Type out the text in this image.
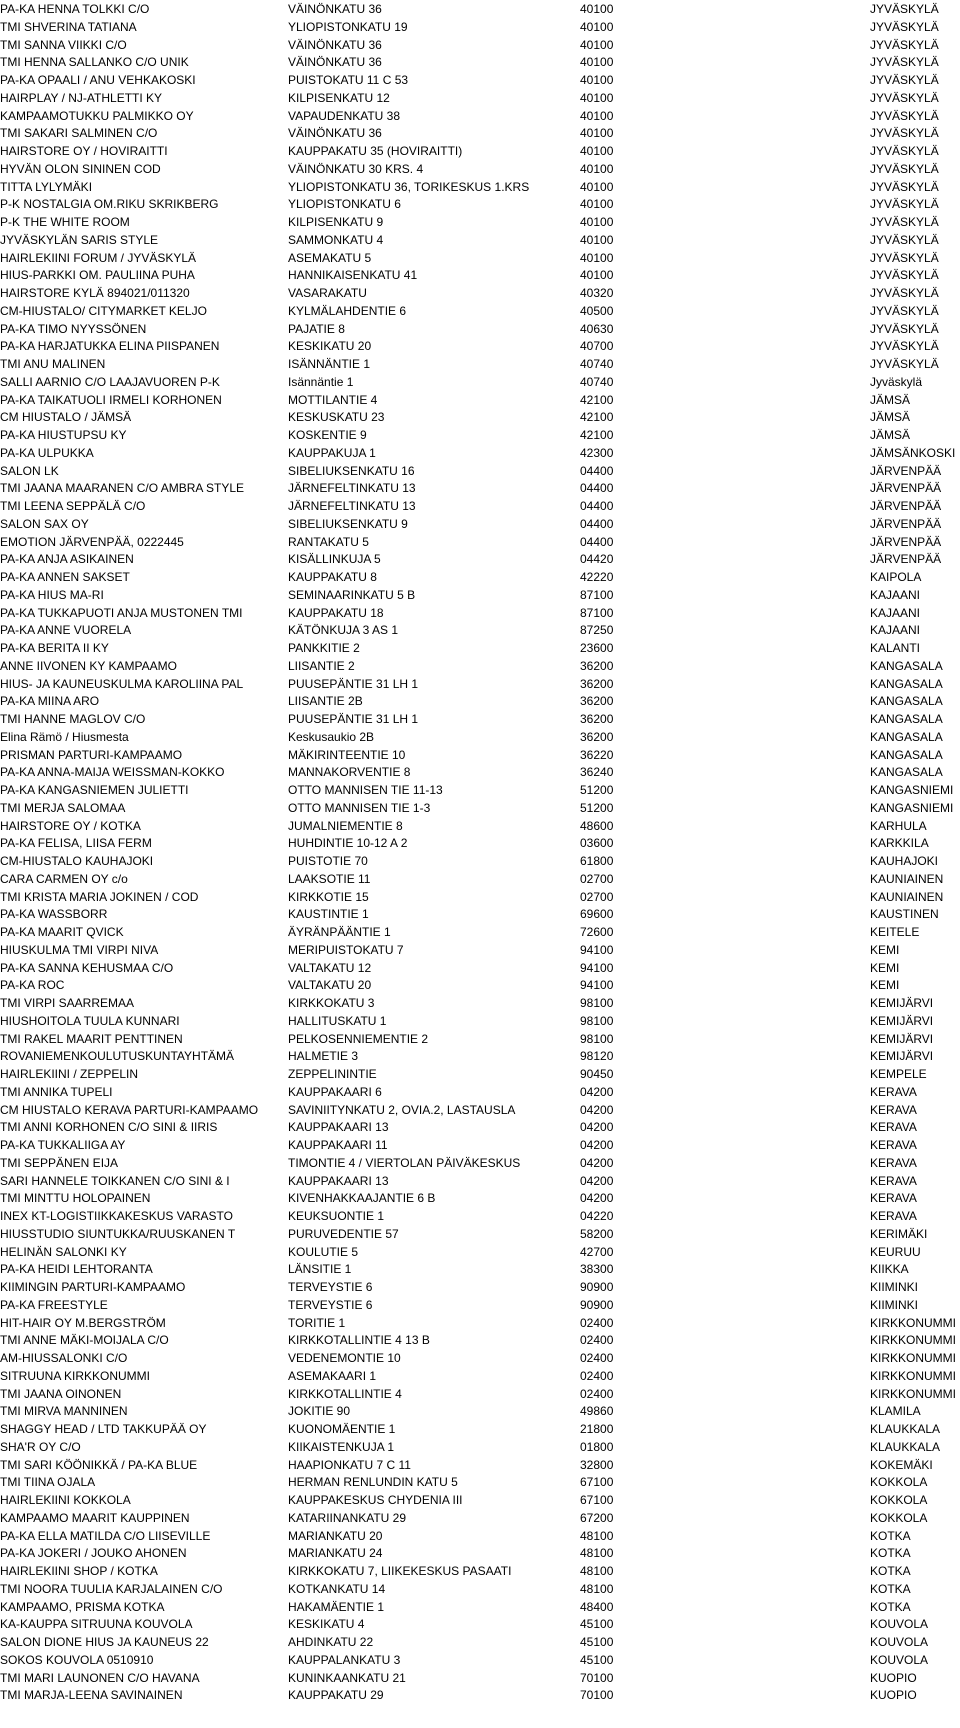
PA-KA HENNA TOLKKI C/O	VÄINÖNKATU 36	40100	JYVÄSKYLÄ
TMI SHVERINA TATIANA	YLIOPISTONKATU 19	40100	JYVÄSKYLÄ
TMI SANNA VIIKKI C/O	VÄINÖNKATU 36	40100	JYVÄSKYLÄ
TMI HENNA SALLANKO C/O UNIK	VÄINÖNKATU 36	40100	JYVÄSKYLÄ
PA-KA OPAALI / ANU VEHKAKOSKI	PUISTOKATU 11 C 53	40100	JYVÄSKYLÄ
HAIRPLAY / NJ-ATHLETTI KY	KILPISENKATU 12	40100	JYVÄSKYLÄ
KAMPAAMOTUKKU PALMIKKO OY	VAPAUDENKATU 38	40100	JYVÄSKYLÄ
TMI SAKARI SALMINEN C/O	VÄINÖNKATU 36	40100	JYVÄSKYLÄ
HAIRSTORE OY / HOVIRAITTI	KAUPPAKATU 35 (HOVIRAITTI)	40100	JYVÄSKYLÄ
HYVÄN OLON SININEN COD	VÄINÖNKATU 30 KRS. 4	40100	JYVÄSKYLÄ
TITTA LYLYMÄKI	YLIOPISTONKATU 36, TORIKESKUS 1.KRS	40100	JYVÄSKYLÄ
P-K NOSTALGIA OM.RIKU SKRIKBERG	YLIOPISTONKATU 6	40100	JYVÄSKYLÄ
P-K THE WHITE ROOM	KILPISENKATU 9	40100	JYVÄSKYLÄ
JYVÄSKYLÄN SARIS STYLE	SAMMONKATU 4	40100	JYVÄSKYLÄ
HAIRLEKIINI FORUM / JYVÄSKYLÄ	ASEMAKATU 5	40100	JYVÄSKYLÄ
HIUS-PARKKI OM. PAULIINA PUHA	HANNIKAISENKATU 41	40100	JYVÄSKYLÄ
HAIRSTORE KYLÄ 894021/011320	VASARAKATU	40320	JYVÄSKYLÄ
CM-HIUSTALO/ CITYMARKET KELJO	KYLMÄLAHDENTIE 6	40500	JYVÄSKYLÄ
PA-KA TIMO NYYSSÖNEN	PAJATIE 8	40630	JYVÄSKYLÄ
PA-KA HARJATUKKA ELINA PIISPANEN	KESKIKATU 20	40700	JYVÄSKYLÄ
TMI ANU MALINEN	ISÄNNÄNTIE 1	40740	JYVÄSKYLÄ
SALLI AARNIO C/O LAAJAVUOREN P-K	Isännäntie 1	40740	Jyväskylä
PA-KA TAIKATUOLI IRMELI KORHONEN	MOTTILANTIE 4	42100	JÄMSÄ
CM HIUSTALO / JÄMSÄ	KESKUSKATU 23	42100	JÄMSÄ
PA-KA HIUSTUPSU KY	KOSKENTIE 9	42100	JÄMSÄ
PA-KA ULPUKKA	KAUPPAKUJA 1	42300	JÄMSÄNKOSKI
SALON LK	SIBELIUKSENKATU 16	04400	JÄRVENPÄÄ
TMI JAANA MAARANEN C/O AMBRA STYLE	JÄRNEFELTINKATU 13	04400	JÄRVENPÄÄ
TMI LEENA SEPPÄLÄ C/O	JÄRNEFELTINKATU 13	04400	JÄRVENPÄÄ
SALON SAX OY	SIBELIUKSENKATU 9	04400	JÄRVENPÄÄ
EMOTION JÄRVENPÄÄ, 0222445	RANTAKATU 5	04400	JÄRVENPÄÄ
PA-KA ANJA ASIKAINEN	KISÄLLINKUJA 5	04420	JÄRVENPÄÄ
PA-KA ANNEN SAKSET	KAUPPAKATU 8	42220	KAIPOLA
PA-KA HIUS MA-RI	SEMINAARINKATU 5 B	87100	KAJAANI
PA-KA TUKKAPUOTI ANJA MUSTONEN TMI	KAUPPAKATU 18	87100	KAJAANI
PA-KA ANNE VUORELA	KÄTÖNKUJA 3 AS 1	87250	KAJAANI
PA-KA BERITA II KY	PANKKITIE 2	23600	KALANTI
ANNE IIVONEN KY KAMPAAMO	LIISANTIE 2	36200	KANGASALA
HIUS- JA KAUNEUSKULMA KAROLIINA PAL	PUUSEPÄNTIE 31 LH 1	36200	KANGASALA
PA-KA MIINA ARO	LIISANTIE 2B	36200	KANGASALA
TMI HANNE MAGLOV C/O	PUUSEPÄNTIE 31 LH 1	36200	KANGASALA
Elina Rämö / Hiusmesta	Keskusaukio 2B	36200	KANGASALA
PRISMAN PARTURI-KAMPAAMO	MÄKIRINTEENTIE 10	36220	KANGASALA
PA-KA ANNA-MAIJA WEISSMAN-KOKKO	MANNAKORVENTIE 8	36240	KANGASALA
PA-KA KANGASNIEMEN JULIETTI	OTTO MANNISEN TIE 11-13	51200	KANGASNIEMI
TMI MERJA SALOMAA	OTTO MANNISEN TIE 1-3	51200	KANGASNIEMI
HAIRSTORE OY / KOTKA	JUMALNIEMENTIE 8	48600	KARHULA
PA-KA FELISA, LIISA FERM	HUHDINTIE 10-12 A 2	03600	KARKKILA
CM-HIUSTALO KAUHAJOKI	PUISTOTIE 70	61800	KAUHAJOKI
CARA CARMEN OY c/o	LAAKSOTIE 11	02700	KAUNIAINEN
TMI KRISTA MARIA JOKINEN / COD	KIRKKOTIE 15	02700	KAUNIAINEN
PA-KA WASSBORR	KAUSTINTIE 1	69600	KAUSTINEN
PA-KA MAARIT QVICK	ÄYRÄNPÄÄNTIE 1	72600	KEITELE
HIUSKULMA TMI VIRPI NIVA	MERIPUISTOKATU 7	94100	KEMI
PA-KA SANNA KEHUSMAA C/O	VALTAKATU 12	94100	KEMI
PA-KA ROC	VALTAKATU 20	94100	KEMI
TMI VIRPI SAARREMAA	KIRKKOKATU 3	98100	KEMIJÄRVI
HIUSHOITOLA TUULA KUNNARI	HALLITUSKATU 1	98100	KEMIJÄRVI
TMI RAKEL MAARIT PENTTINEN	PELKOSENNIEMENTIE 2	98100	KEMIJÄRVI
ROVANIEMENKOULUTUSKUNTAYHTÄMÄ	HALMETIE 3	98120	KEMIJÄRVI
HAIRLEKIINI / ZEPPELIN	ZEPPELININTIE	90450	KEMPELE
TMI ANNIKA TUPELI	KAUPPAKAARI 6	04200	KERAVA
CM HIUSTALO KERAVA PARTURI-KAMPAAMO	SAVINIITYNKATU 2, OVIA.2, LASTAUSLA	04200	KERAVA
TMI ANNI KORHONEN C/O SINI & IIRIS	KAUPPAKAARI 13	04200	KERAVA
PA-KA TUKKALIIGA AY	KAUPPAKAARI 11	04200	KERAVA
TMI SEPPÄNEN EIJA	TIMONTIE 4 / VIERTOLAN PÄIVÄKESKUS	04200	KERAVA
SARI HANNELE TOIKKANEN C/O SINI & I	KAUPPAKAARI 13	04200	KERAVA
TMI MINTTU HOLOPAINEN	KIVENHAKKAAJANTIE 6 B	04200	KERAVA
INEX KT-LOGISTIIKKAKESKUS VARASTO	KEUKSUONTIE 1	04220	KERAVA
HIUSSTUDIO SIUNTUKKA/RUUSKANEN T	PURUVEDENTIE 57	58200	KERIMÄKI
HELINÄN SALONKI KY	KOULUTIE 5	42700	KEURUU
PA-KA HEIDI LEHTORANTA	LÄNSITIE 1	38300	KIIKKA
KIIMINGIN PARTURI-KAMPAAMO	TERVEYSTIE 6	90900	KIIMINKI
PA-KA FREESTYLE	TERVEYSTIE 6	90900	KIIMINKI
HIT-HAIR OY M.BERGSTRÖM	TORITIE 1	02400	KIRKKONUMMI
TMI ANNE MÄKI-MOIJALA C/O	KIRKKOTALLINTIE 4 13 B	02400	KIRKKONUMMI
AM-HIUSSALONKI C/O	VEDENEMONTIE 10	02400	KIRKKONUMMI
SITRUUNA KIRKKONUMMI	ASEMAKAARI 1	02400	KIRKKONUMMI
TMI JAANA OINONEN	KIRKKOTALLINTIE 4	02400	KIRKKONUMMI
TMI MIRVA MANNINEN	JOKITIE 90	49860	KLAMILA
SHAGGY HEAD / LTD TAKKUPÄÄ OY	KUONOMÄENTIE 1	21800	KLAUKKALA
SHA'R OY C/O	KIIKAISTENKUJA 1	01800	KLAUKKALA
TMI SARI KÖÖNIKKÄ / PA-KA BLUE	HAAPIONKATU 7 C 11	32800	KOKEMÄKI
TMI TIINA OJALA	HERMAN RENLUNDIN KATU 5	67100	KOKKOLA
HAIRLEKIINI KOKKOLA	KAUPPAKESKUS CHYDENIA III	67100	KOKKOLA
KAMPAAMO MAARIT KAUPPINEN	KATARIINANKATU 29	67200	KOKKOLA
PA-KA ELLA MATILDA C/O LIISEVILLE	MARIANKATU 20	48100	KOTKA
PA-KA JOKERI / JOUKO AHONEN	MARIANKATU 24	48100	KOTKA
HAIRLEKIINI SHOP / KOTKA	KIRKKOKATU 7, LIIKEKESKUS PASAATI	48100	KOTKA
TMI NOORA TUULIA KARJALAINEN C/O	KOTKANKATU 14	48100	KOTKA
KAMPAAMO, PRISMA KOTKA	HAKAMÄENTIE 1	48400	KOTKA
KA-KAUPPA SITRUUNA KOUVOLA	KESKIKATU 4	45100	KOUVOLA
SALON DIONE HIUS JA KAUNEUS 22	AHDINKATU 22	45100	KOUVOLA
SOKOS KOUVOLA 0510910	KAUPPALANKATU 3	45100	KOUVOLA
TMI MARI LAUNONEN C/O HAVANA	KUNINKAANKATU 21	70100	KUOPIO
TMI MARJA-LEENA SAVINAINEN	KAUPPAKATU 29	70100	KUOPIO
